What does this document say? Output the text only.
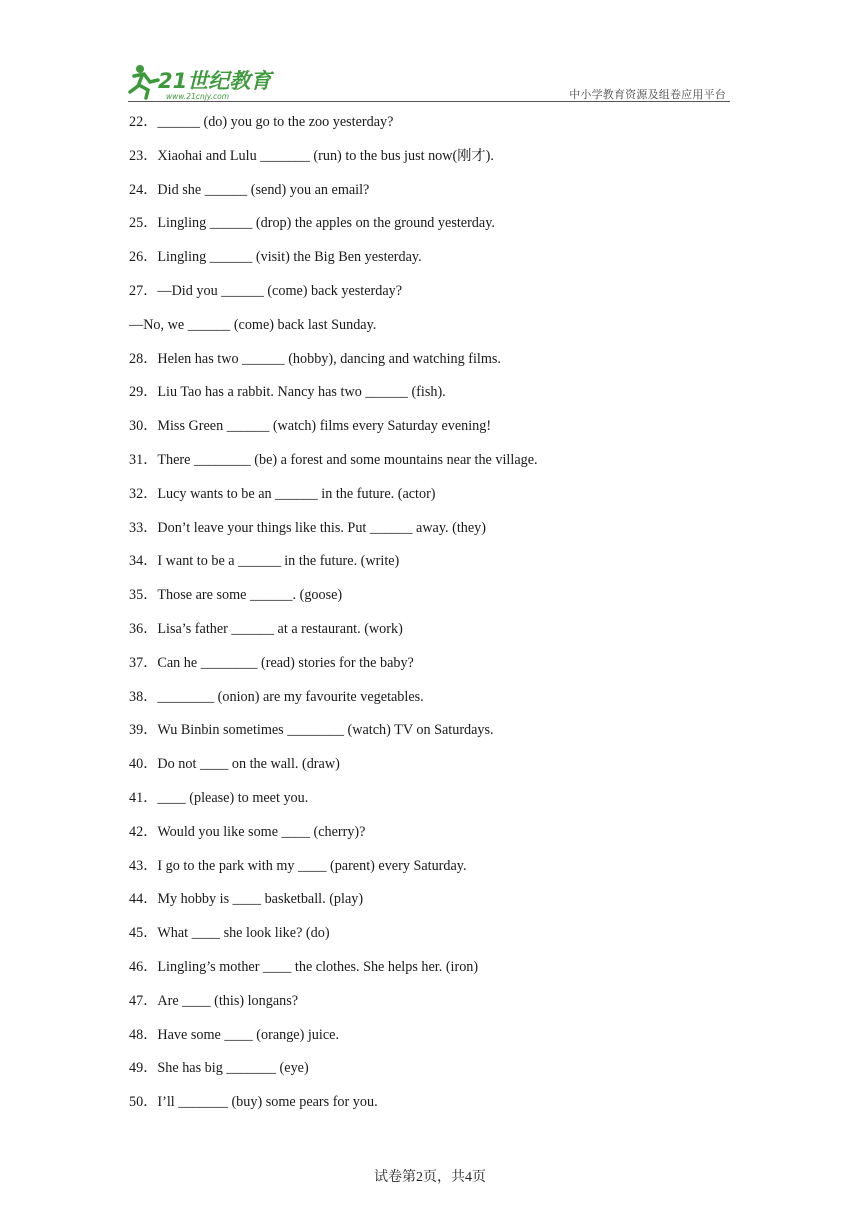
21世纪教育
www.21cnjy.com	中小学教育资源及组卷应用平台
22．______ (do) you go to the zoo yesterday?
23．Xiaohai and Lulu _______ (run) to the bus just now(刚才).
24．Did she ______ (send) you an email?
25．Lingling ______ (drop) the apples on the ground yesterday.
26．Lingling ______ (visit) the Big Ben yesterday.
27．—Did you ______ (come) back yesterday?
—No, we ______ (come) back last Sunday.
28．Helen has two ______ (hobby), dancing and watching films.
29．Liu Tao has a rabbit. Nancy has two ______ (fish).
30．Miss Green ______ (watch) films every Saturday evening!
31．There ________ (be) a forest and some mountains near the village.
32．Lucy wants to be an ______ in the future. (actor)
33．Don’t leave your things like this. Put ______ away. (they)
34．I want to be a ______ in the future. (write)
35．Those are some ______. (goose)
36．Lisa’s father ______ at a restaurant. (work)
37．Can he ________ (read) stories for the baby?
38．________ (onion) are my favourite vegetables.
39．Wu Binbin sometimes ________ (watch) TV on Saturdays.
40．Do not ____ on the wall. (draw)
41．____ (please) to meet you.
42．Would you like some ____ (cherry)?
43．I go to the park with my ____ (parent) every Saturday.
44．My hobby is ____ basketball. (play)
45．What ____ she look like? (do)
46．Lingling’s mother ____ the clothes. She helps her. (iron)
47．Are ____ (this) longans?
48．Have some ____ (orange) juice.
49．She has big _______ (eye)
50．I’ll _______ (buy) some pears for you.
试卷第2页，共4页
